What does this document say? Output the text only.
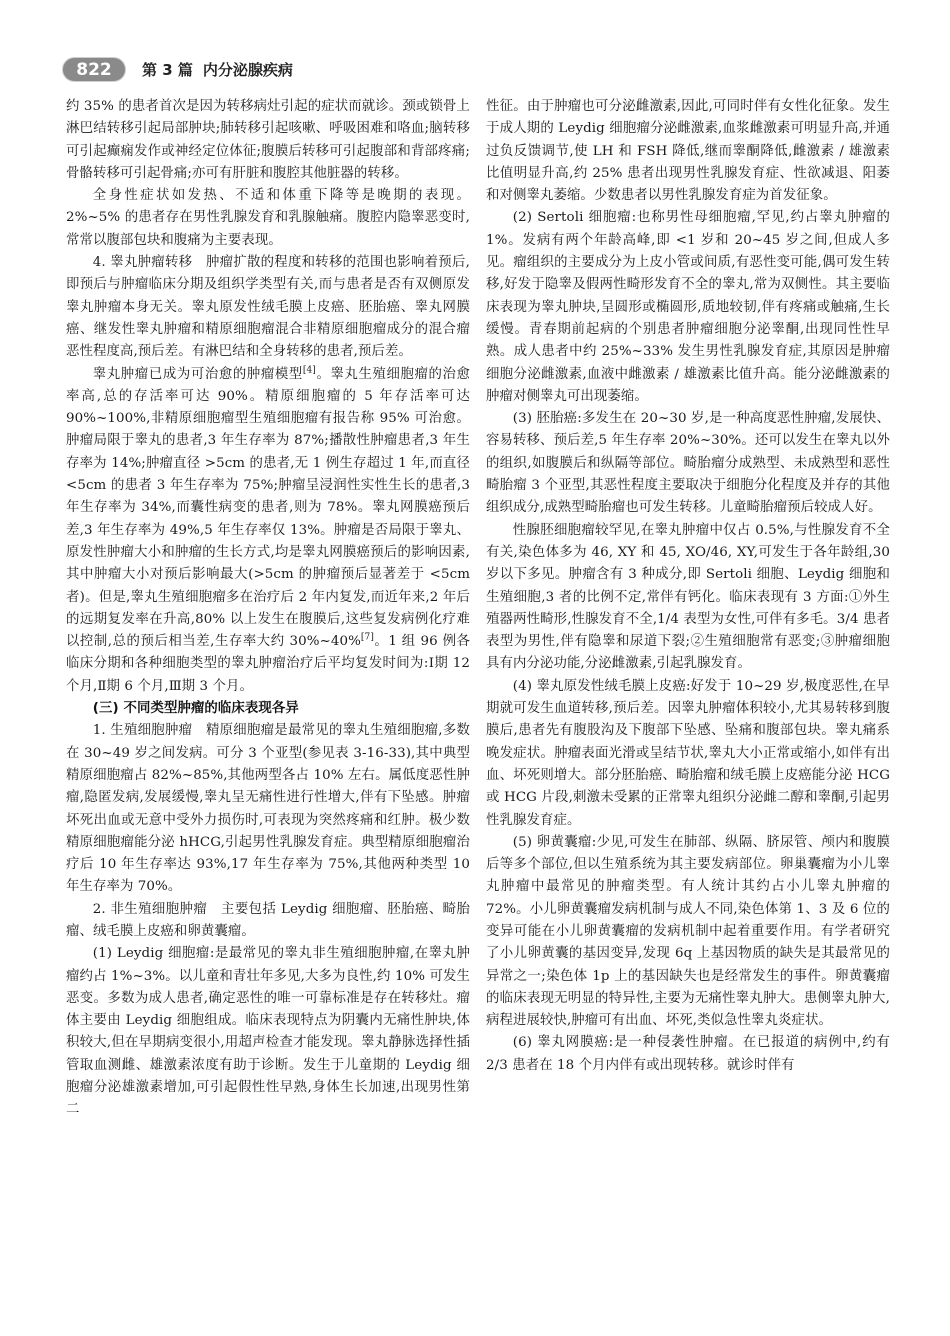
822	第 3 篇 内分泌腺疾病

约 35% 的患者首次是因为转移病灶引起的症状而就诊。颈或锁骨上淋巴结转移引起局部肿块;肺转移引起咳嗽、呼吸困难和咯血;脑转移可引起癫痫发作或神经定位体征;腹膜后转移可引起腹部和背部疼痛;骨骼转移可引起骨痛;亦可有肝脏和腹腔其他脏器的转移。

全身性症状如发热、不适和体重下降等是晚期的表现。2%~5% 的患者存在男性乳腺发育和乳腺触痛。腹腔内隐睾恶变时,常常以腹部包块和腹痛为主要表现。

4. 睾丸肿瘤转移　肿瘤扩散的程度和转移的范围也影响着预后,即预后与肿瘤临床分期及组织学类型有关,而与患者是否有双侧原发睾丸肿瘤本身无关。睾丸原发性绒毛膜上皮癌、胚胎癌、睾丸网膜癌、继发性睾丸肿瘤和精原细胞瘤混合非精原细胞瘤成分的混合瘤恶性程度高,预后差。有淋巴结和全身转移的患者,预后差。

睾丸肿瘤已成为可治愈的肿瘤模型[4]。睾丸生殖细胞瘤的治愈率高,总的存活率可达 90%。精原细胞瘤的 5 年存活率可达 90%~100%,非精原细胞瘤型生殖细胞瘤有报告称 95% 可治愈。肿瘤局限于睾丸的患者,3 年生存率为 87%;播散性肿瘤患者,3 年生存率为 14%;肿瘤直径 >5cm 的患者,无 1 例生存超过 1 年,而直径 <5cm 的患者 3 年生存率为 75%;肿瘤呈浸润性实性生长的患者,3 年生存率为 34%,而囊性病变的患者,则为 78%。睾丸网膜癌预后差,3 年生存率为 49%,5 年生存率仅 13%。肿瘤是否局限于睾丸、原发性肿瘤大小和肿瘤的生长方式,均是睾丸网膜癌预后的影响因素,其中肿瘤大小对预后影响最大(>5cm 的肿瘤预后显著差于 <5cm 者)。但是,睾丸生殖细胞瘤多在治疗后 2 年内复发,而近年来,2 年后的远期复发率在升高,80% 以上发生在腹膜后,这些复发病例化疗难以控制,总的预后相当差,生存率大约 30%~40%[7]。1 组 96 例各临床分期和各种细胞类型的睾丸肿瘤治疗后平均复发时间为:Ⅰ期 12 个月,Ⅱ期 6 个月,Ⅲ期 3 个月。

(三) 不同类型肿瘤的临床表现各异

1. 生殖细胞肿瘤　精原细胞瘤是最常见的睾丸生殖细胞瘤,多数在 30~49 岁之间发病。可分 3 个亚型(参见表 3-16-33),其中典型精原细胞瘤占 82%~85%,其他两型各占 10% 左右。属低度恶性肿瘤,隐匿发病,发展缓慢,睾丸呈无痛性进行性增大,伴有下坠感。肿瘤坏死出血或无意中受外力损伤时,可表现为突然疼痛和红肿。极少数精原细胞瘤能分泌 hHCG,引起男性乳腺发育症。典型精原细胞瘤治疗后 10 年生存率达 93%,17 年生存率为 75%,其他两种类型 10 年生存率为 70%。

2. 非生殖细胞肿瘤　主要包括 Leydig 细胞瘤、胚胎癌、畸胎瘤、绒毛膜上皮癌和卵黄囊瘤。

(1) Leydig 细胞瘤:是最常见的睾丸非生殖细胞肿瘤,在睾丸肿瘤约占 1%~3%。以儿童和青壮年多见,大多为良性,约 10% 可发生恶变。多数为成人患者,确定恶性的唯一可靠标准是存在转移灶。瘤体主要由 Leydig 细胞组成。临床表现特点为阴囊内无痛性肿块,体积较大,但在早期病变很小,用超声检查才能发现。睾丸静脉选择性插管取血测雌、雄激素浓度有助于诊断。发生于儿童期的 Leydig 细胞瘤分泌雄激素增加,可引起假性性早熟,身体生长加速,出现男性第二

性征。由于肿瘤也可分泌雌激素,因此,可同时伴有女性化征象。发生于成人期的 Leydig 细胞瘤分泌雌激素,血浆雌激素可明显升高,并通过负反馈调节,使 LH 和 FSH 降低,继而睾酮降低,雌激素 / 雄激素比值明显升高,约 25% 患者出现男性乳腺发育症、性欲减退、阳萎和对侧睾丸萎缩。少数患者以男性乳腺发育症为首发征象。

(2) Sertoli 细胞瘤:也称男性母细胞瘤,罕见,约占睾丸肿瘤的 1%。发病有两个年龄高峰,即 <1 岁和 20~45 岁之间,但成人多见。瘤组织的主要成分为上皮小管或间质,有恶性变可能,偶可发生转移,好发于隐睾及假两性畸形发育不全的睾丸,常为双侧性。其主要临床表现为睾丸肿块,呈圆形或椭圆形,质地较韧,伴有疼痛或触痛,生长缓慢。青春期前起病的个别患者肿瘤细胞分泌睾酮,出现同性性早熟。成人患者中约 25%~33% 发生男性乳腺发育症,其原因是肿瘤细胞分泌雌激素,血液中雌激素 / 雄激素比值升高。能分泌雌激素的肿瘤对侧睾丸可出现萎缩。

(3) 胚胎癌:多发生在 20~30 岁,是一种高度恶性肿瘤,发展快、容易转移、预后差,5 年生存率 20%~30%。还可以发生在睾丸以外的组织,如腹膜后和纵隔等部位。畸胎瘤分成熟型、未成熟型和恶性畸胎瘤 3 个亚型,其恶性程度主要取决于细胞分化程度及并存的其他组织成分,成熟型畸胎瘤也可发生转移。儿童畸胎瘤预后较成人好。

性腺胚细胞瘤较罕见,在睾丸肿瘤中仅占 0.5%,与性腺发育不全有关,染色体多为 46, XY 和 45, XO/46, XY,可发生于各年龄组,30 岁以下多见。肿瘤含有 3 种成分,即 Sertoli 细胞、Leydig 细胞和生殖细胞,3 者的比例不定,常伴有钙化。临床表现有 3 方面:①外生殖器两性畸形,性腺发育不全,1/4 表型为女性,可伴有多毛。3/4 患者表型为男性,伴有隐睾和尿道下裂;②生殖细胞常有恶变;③肿瘤细胞具有内分泌功能,分泌雌激素,引起乳腺发育。

(4) 睾丸原发性绒毛膜上皮癌:好发于 10~29 岁,极度恶性,在早期就可发生血道转移,预后差。因睾丸肿瘤体积较小,尤其易转移到腹膜后,患者先有腹股沟及下腹部下坠感、坠痛和腹部包块。睾丸痛系晚发症状。肿瘤表面光滑或呈结节状,睾丸大小正常或缩小,如伴有出血、坏死则增大。部分胚胎癌、畸胎瘤和绒毛膜上皮癌能分泌 HCG 或 HCG 片段,刺激未受累的正常睾丸组织分泌雌二醇和睾酮,引起男性乳腺发育症。

(5) 卵黄囊瘤:少见,可发生在肺部、纵隔、脐尿管、颅内和腹膜后等多个部位,但以生殖系统为其主要发病部位。卵巢囊瘤为小儿睾丸肿瘤中最常见的肿瘤类型。有人统计其约占小儿睾丸肿瘤的 72%。小儿卵黄囊瘤发病机制与成人不同,染色体第 1、3 及 6 位的变异可能在小儿卵黄囊瘤的发病机制中起着重要作用。有学者研究了小儿卵黄囊的基因变异,发现 6q 上基因物质的缺失是其最常见的异常之一;染色体 1p 上的基因缺失也是经常发生的事件。卵黄囊瘤的临床表现无明显的特异性,主要为无痛性睾丸肿大。患侧睾丸肿大,病程进展较快,肿瘤可有出血、坏死,类似急性睾丸炎症状。

(6) 睾丸网膜癌:是一种侵袭性肿瘤。在已报道的病例中,约有 2/3 患者在 18 个月内伴有或出现转移。就诊时伴有
